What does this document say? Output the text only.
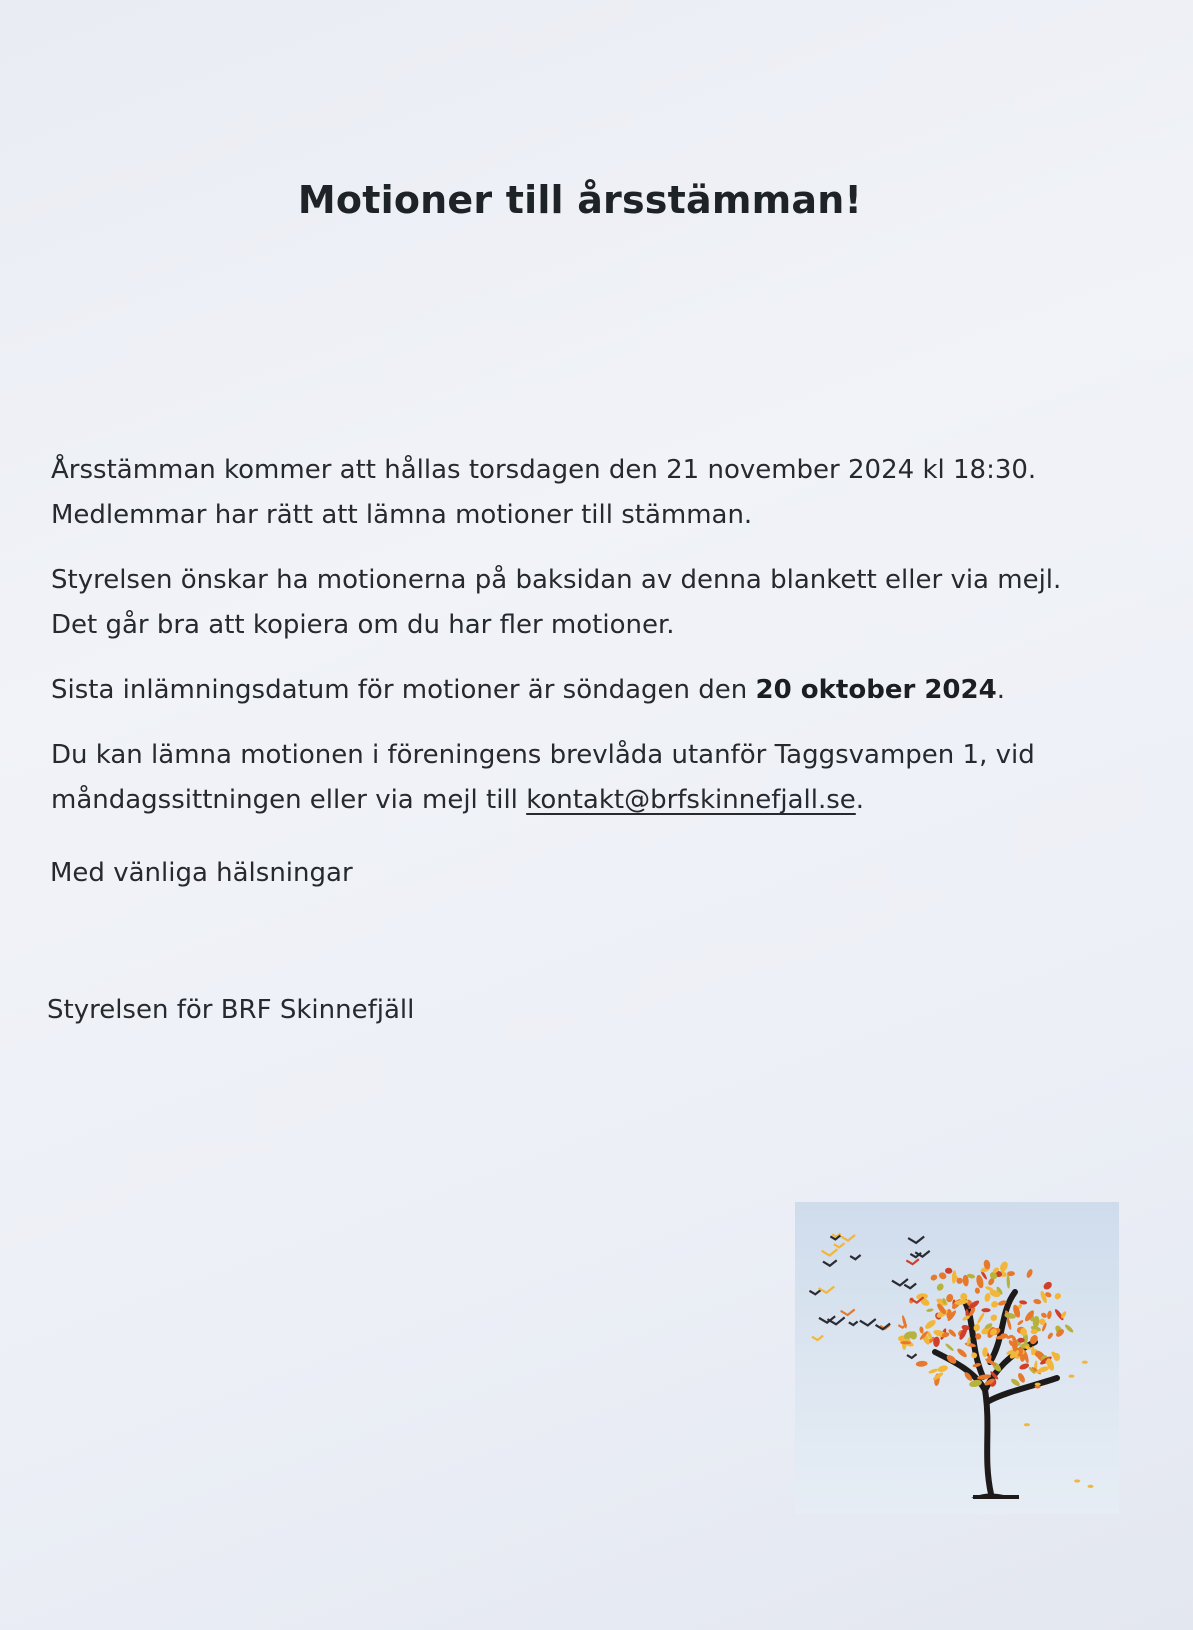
Motioner till årsstämman!

Årsstämman kommer att hållas torsdagen den 21 november 2024 kl 18:30.
Medlemmar har rätt att lämna motioner till stämman.

Styrelsen önskar ha motionerna på baksidan av denna blankett eller via mejl.
Det går bra att kopiera om du har fler motioner.

Sista inlämningsdatum för motioner är söndagen den 20 oktober 2024.

Du kan lämna motionen i föreningens brevlåda utanför Taggsvampen 1, vid
måndagssittningen eller via mejl till kontakt@brfskinnefjall.se.

Med vänliga hälsningar
Styrelsen för BRF Skinnefjäll
